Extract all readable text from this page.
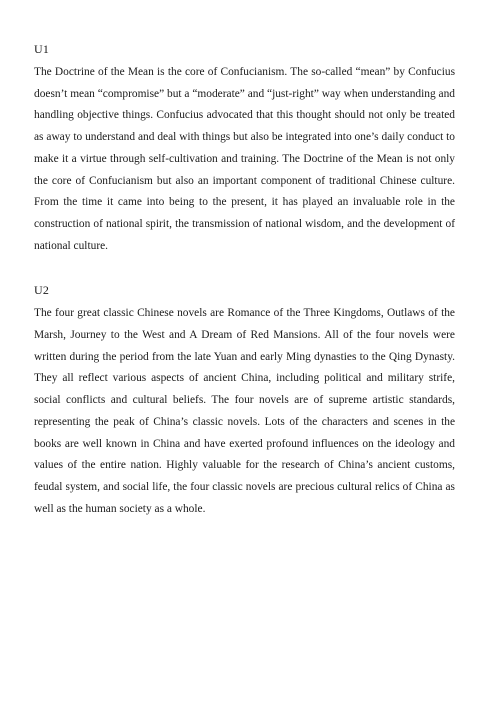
U1

The Doctrine of the Mean is the core of Confucianism. The so-called “mean” by Confucius doesn’t mean “compromise” but a “moderate” and “just-right” way when understanding and handling objective things. Confucius advocated that this thought should not only be treated as away to understand and deal with things but also be integrated into one’s daily conduct to make it a virtue through self-cultivation and training. The Doctrine of the Mean is not only the core of Confucianism but also an important component of traditional Chinese culture. From the time it came into being to the present, it has played an invaluable role in the construction of national spirit, the transmission of national wisdom, and the development of national culture.

U2

The four great classic Chinese novels are Romance of the Three Kingdoms, Outlaws of the Marsh, Journey to the West and A Dream of Red Mansions. All of the four novels were written during the period from the late Yuan and early Ming dynasties to the Qing Dynasty. They all reflect various aspects of ancient China, including political and military strife, social conflicts and cultural beliefs. The four novels are of supreme artistic standards, representing the peak of China’s classic novels. Lots of the characters and scenes in the books are well known in China and have exerted profound influences on the ideology and values of the entire nation. Highly valuable for the research of China’s ancient customs, feudal system, and social life, the four classic novels are precious cultural relics of China as well as the human society as a whole.
